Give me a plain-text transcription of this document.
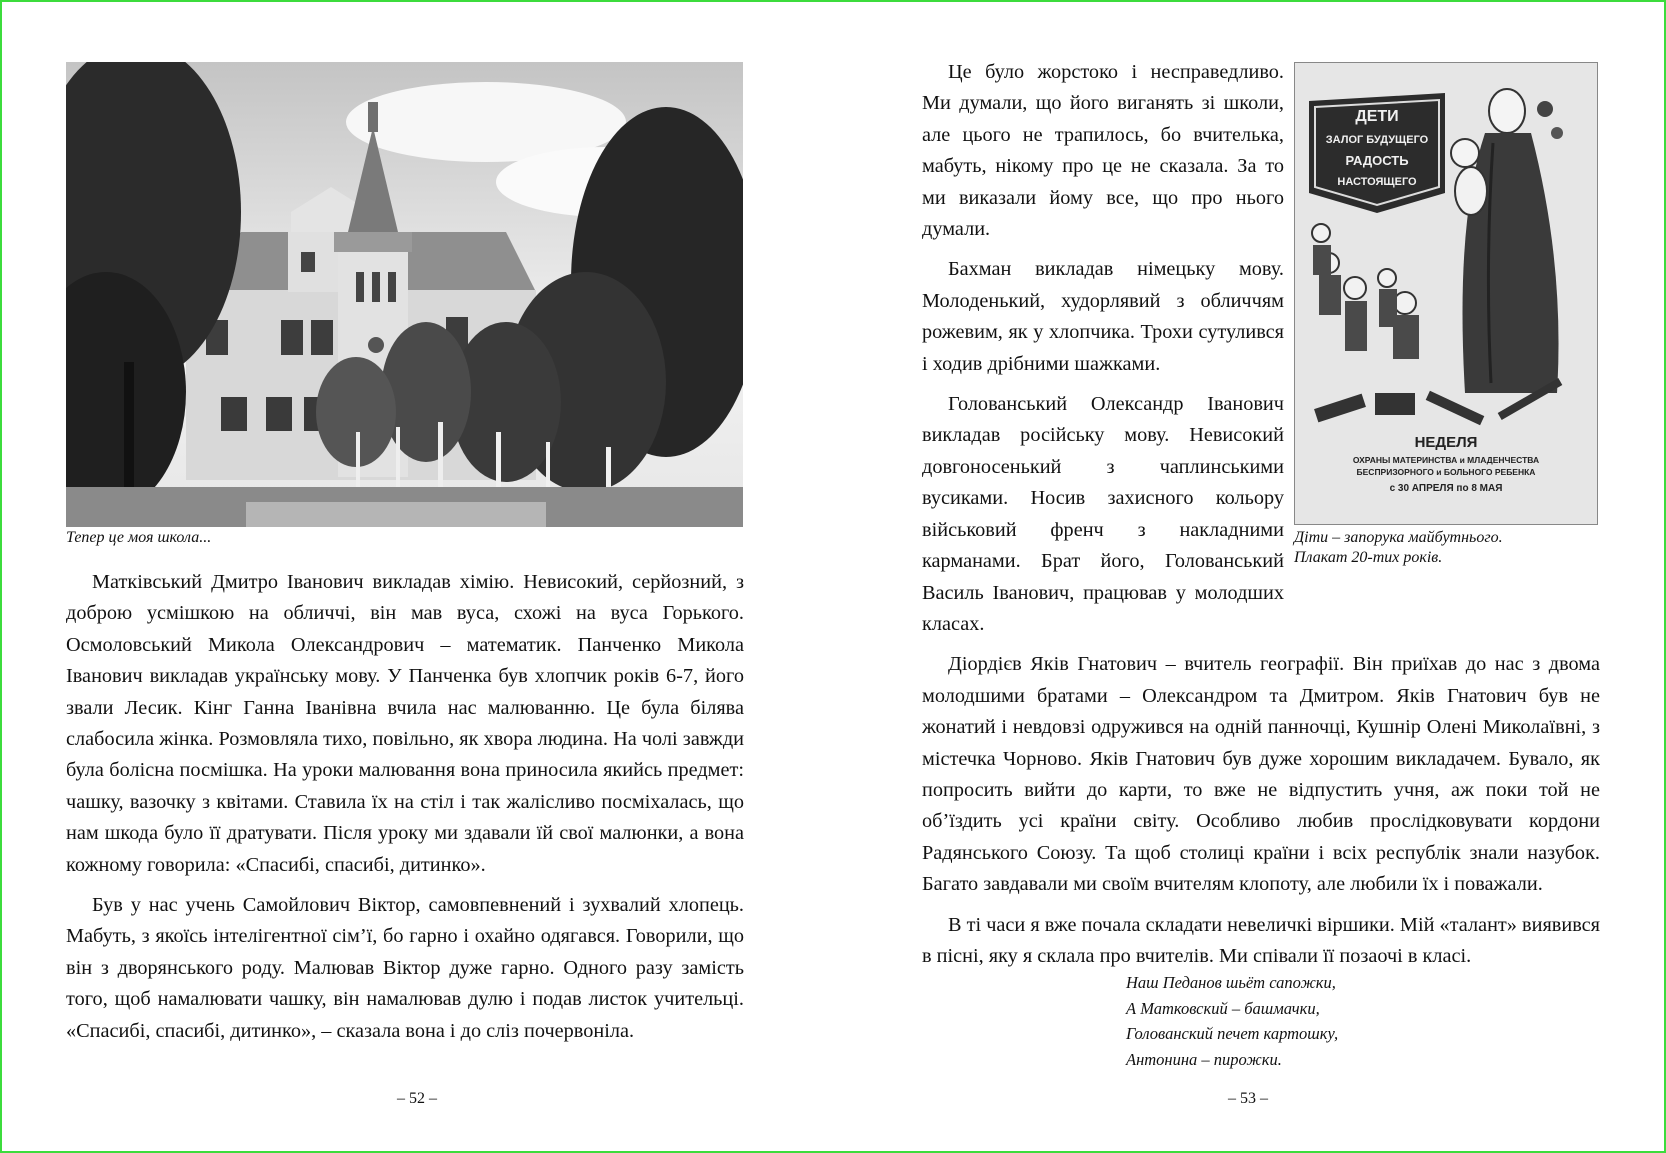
Тепер це моя школа...

Матківський Дмитро Іванович викладав хімію. Невисокий, серйозний, з доброю усмішкою на обличчі, він мав вуса, схожі на вуса Горького. Осмоловський Микола Олександрович – математик. Панченко Микола Іванович викладав українську мову. У Панченка був хлопчик років 6-7, його звали Лесик. Кінг Ганна Іванівна вчила нас малюванню. Це була білява слабосила жінка. Розмовляла тихо, повільно, як хвора людина. На чолі завжди була болісна посмішка. На уроки малювання вона приносила якийсь предмет: чашку, вазочку з квітами. Ставила їх на стіл і так жалісливо посміхалась, що нам шкода було її дратувати. Після уроку ми здавали їй свої малюнки, а вона кожному говорила: «Спасибі, спасибі, дитинко».

Був у нас учень Самойлович Віктор, самовпевнений і зухвалий хлопець. Мабуть, з якоїсь інтелігентної сім’ї, бо гарно і охайно одягався. Говорили, що він з дворянського роду. Малював Віктор дуже гарно. Одного разу замість того, щоб намалювати чашку, він намалював дулю і подав листок учительці. «Спасибі, спасибі, дитинко», – сказала вона і до сліз почервоніла.

– 52 –
ДЕТИ
ЗАЛОГ БУДУЩЕГО
РАДОСТЬ
НАСТОЯЩЕГО
НЕДЕЛЯ
ОХРАНЫ МАТЕРИНСТВА и МЛАДЕНЧЕСТВА
БЕСПРИЗОРНОГО и БОЛЬНОГО РЕБЕНКА
с 30 АПРЕЛЯ по 8 МАЯ

Діти – запорука майбутнього.

Плакат 20-тих років.

Це було жорстоко і несправедливо. Ми думали, що його виганять зі школи, але цього не трапилось, бо вчителька, мабуть, нікому про це не сказала. За то ми виказали йому все, що про нього думали.

Бахман викладав німецьку мову. Молоденький, худорлявий з обличчям рожевим, як у хлопчика. Трохи сутулився і ходив дрібними шажками.

Голованський Олександр Іванович викладав російську мову. Невисокий довгоносенький з чаплинськими вусиками. Носив захисного кольору військовий френч з накладними карманами. Брат його, Голованський Василь Іванович, працював у молодших класах.

Діордієв Яків Гнатович – вчитель географії. Він приїхав до нас з двома молодшими братами – Олександром та Дмитром. Яків Гнатович був не жонатий і невдовзі одружився на одній панночці, Кушнір Олені Миколаївні, з містечка Чорново. Яків Гнатович був дуже хорошим викладачем. Бувало, як попросить вийти до карти, то вже не відпустить учня, аж поки той не об’їздить усі країни світу. Особливо любив прослідковувати кордони Радянського Союзу. Та щоб столиці країни і всіх республік знали назубок. Багато завдавали ми своїм вчителям клопоту, але любили їх і поважали.

В ті часи я вже почала складати невеличкі віршики. Мій «талант» виявився в пісні, яку я склала про вчителів. Ми співали її позаочі в класі.

Наш Педанов шьёт сапожки,
А Матковский – башмачки,
Голованский печет картошку,
Антонина – пирожки.
– 53 –
